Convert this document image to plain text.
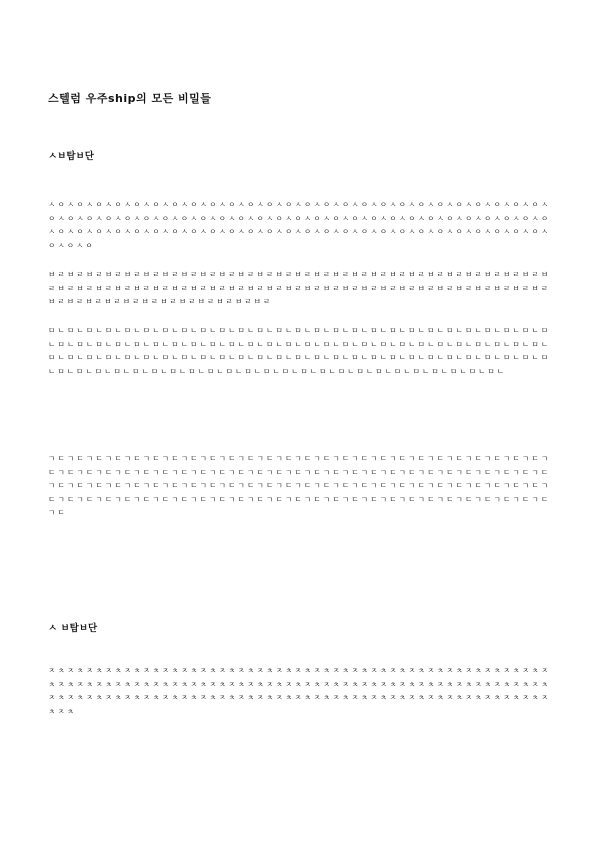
스텔럼 우주ship의 모든 비밀들
ㅅㅂ탐ㅂ단
ㅅ ㅇ ㅅ ㅇ ㅅ ㅇ ㅅ ㅇ ㅅ ㅇ ㅅ ㅇ ㅅ ㅇ ㅅ ㅇ ㅅ ㅇ ㅅ ㅇ ㅅ ㅇ ㅅ ㅇ ㅅ ㅇ ㅅ ㅇ ㅅ ㅇ ㅅ ㅇ ㅅ ㅇ ㅅ ㅇ ㅅ ㅇ ㅅ ㅇ ㅅ ㅇ ㅅ ㅇ ㅅ ㅇ ㅅ ㅇ ㅅ ㅇ ㅅ ㅇ ㅅ ㅇ ㅅ ㅇ ㅅ ㅇ ㅅ ㅇ ㅅ ㅇ ㅅ ㅇ ㅅ ㅇ ㅅ ㅇ ㅅ ㅇ ㅅ ㅇ ㅅ ㅇ ㅅ ㅇ ㅅ ㅇ ㅅ ㅇ ㅅ ㅇ ㅅ ㅇ ㅅ ㅇ ㅅ ㅇ ㅅ ㅇ ㅅ ㅇ ㅅ ㅇ ㅅ ㅇ ㅅ ㅇ ㅅ ㅇ ㅅ ㅇ ㅅ ㅇ ㅅ ㅇ ㅅ ㅇ ㅅ ㅇ ㅅ ㅇ ㅅ ㅇ ㅅ ㅇ ㅅ ㅇ ㅅ ㅇ ㅅ ㅇ ㅅ ㅇ ㅅ ㅇ ㅅ ㅇ ㅅ ㅇ ㅅ ㅇ ㅅ ㅇ ㅅ ㅇ ㅅ ㅇ ㅅ ㅇ ㅅ ㅇ ㅅ ㅇ ㅅ ㅇ ㅅ ㅇ ㅅ ㅇ ㅅ ㅇ ㅅ ㅇ ㅅ ㅇ ㅅ ㅇ ㅅ ㅇ ㅅ ㅇ ㅅ ㅇ
ㅂ ㄹ ㅂ ㄹ ㅂ ㄹ ㅂ ㄹ ㅂ ㄹ ㅂ ㄹ ㅂ ㄹ ㅂ ㄹ ㅂ ㄹ ㅂ ㄹ ㅂ ㄹ ㅂ ㄹ ㅂ ㄹ ㅂ ㄹ ㅂ ㄹ ㅂ ㄹ ㅂ ㄹ ㅂ ㄹ ㅂ ㄹ ㅂ ㄹ ㅂ ㄹ ㅂ ㄹ ㅂ ㄹ ㅂ ㄹ ㅂ ㄹ ㅂ ㄹ ㅂ ㄹ ㅂ ㄹ ㅂ ㄹ ㅂ ㄹ ㅂ ㄹ ㅂ ㄹ ㅂ ㄹ ㅂ ㄹ ㅂ ㄹ ㅂ ㄹ ㅂ ㄹ ㅂ ㄹ ㅂ ㄹ ㅂ ㄹ ㅂ ㄹ ㅂ ㄹ ㅂ ㄹ ㅂ ㄹ ㅂ ㄹ ㅂ ㄹ ㅂ ㄹ ㅂ ㄹ ㅂ ㄹ ㅂ ㄹ ㅂ ㄹ ㅂ ㄹ ㅂ ㄹ ㅂ ㄹ ㅂ ㄹ ㅂ ㄹ ㅂ ㄹ ㅂ ㄹ ㅂ ㄹ ㅂ ㄹ ㅂ ㄹ ㅂ ㄹ ㅂ ㄹ ㅂ ㄹ ㅂ ㄹ
ㅁ ㄴ ㅁ ㄴ ㅁ ㄴ ㅁ ㄴ ㅁ ㄴ ㅁ ㄴ ㅁ ㄴ ㅁ ㄴ ㅁ ㄴ ㅁ ㄴ ㅁ ㄴ ㅁ ㄴ ㅁ ㄴ ㅁ ㄴ ㅁ ㄴ ㅁ ㄴ ㅁ ㄴ ㅁ ㄴ ㅁ ㄴ ㅁ ㄴ ㅁ ㄴ ㅁ ㄴ ㅁ ㄴ ㅁ ㄴ ㅁ ㄴ ㅁ ㄴ ㅁ ㄴ ㅁ ㄴ ㅁ ㄴ ㅁ ㄴ ㅁ ㄴ ㅁ ㄴ ㅁ ㄴ ㅁ ㄴ ㅁ ㄴ ㅁ ㄴ ㅁ ㄴ ㅁ ㄴ ㅁ ㄴ ㅁ ㄴ ㅁ ㄴ ㅁ ㄴ ㅁ ㄴ ㅁ ㄴ ㅁ ㄴ ㅁ ㄴ ㅁ ㄴ ㅁ ㄴ ㅁ ㄴ ㅁ ㄴ ㅁ ㄴ ㅁ ㄴ ㅁ ㄴ ㅁ ㄴ ㅁ ㄴ ㅁ ㄴ ㅁ ㄴ ㅁ ㄴ ㅁ ㄴ ㅁ ㄴ ㅁ ㄴ ㅁ ㄴ ㅁ ㄴ ㅁ ㄴ ㅁ ㄴ ㅁ ㄴ ㅁ ㄴ ㅁ ㄴ ㅁ ㄴ ㅁ ㄴ ㅁ ㄴ ㅁ ㄴ ㅁ ㄴ ㅁ ㄴ ㅁ ㄴ ㅁ ㄴ ㅁ ㄴ ㅁ ㄴ ㅁ ㄴ ㅁ ㄴ ㅁ ㄴ ㅁ ㄴ ㅁ ㄴ ㅁ ㄴ ㅁ ㄴ ㅁ ㄴ ㅁ ㄴ ㅁ ㄴ ㅁ ㄴ ㅁ ㄴ ㅁ ㄴ ㅁ ㄴ ㅁ ㄴ ㅁ ㄴ ㅁ ㄴ ㅁ ㄴ ㅁ ㄴ ㅁ ㄴ ㅁ ㄴ ㅁ ㄴ ㅁ ㄴ ㅁ ㄴ ㅁ ㄴ ㅁ ㄴ
ㄱ ㄷ ㄱ ㄷ ㄱ ㄷ ㄱ ㄷ ㄱ ㄷ ㄱ ㄷ ㄱ ㄷ ㄱ ㄷ ㄱ ㄷ ㄱ ㄷ ㄱ ㄷ ㄱ ㄷ ㄱ ㄷ ㄱ ㄷ ㄱ ㄷ ㄱ ㄷ ㄱ ㄷ ㄱ ㄷ ㄱ ㄷ ㄱ ㄷ ㄱ ㄷ ㄱ ㄷ ㄱ ㄷ ㄱ ㄷ ㄱ ㄷ ㄱ ㄷ ㄱ ㄷ ㄱ ㄷ ㄱ ㄷ ㄱ ㄷ ㄱ ㄷ ㄱ ㄷ ㄱ ㄷ ㄱ ㄷ ㄱ ㄷ ㄱ ㄷ ㄱ ㄷ ㄱ ㄷ ㄱ ㄷ ㄱ ㄷ ㄱ ㄷ ㄱ ㄷ ㄱ ㄷ ㄱ ㄷ ㄱ ㄷ ㄱ ㄷ ㄱ ㄷ ㄱ ㄷ ㄱ ㄷ ㄱ ㄷ ㄱ ㄷ ㄱ ㄷ ㄱ ㄷ ㄱ ㄷ ㄱ ㄷ ㄱ ㄷ ㄱ ㄷ ㄱ ㄷ ㄱ ㄷ ㄱ ㄷ ㄱ ㄷ ㄱ ㄷ ㄱ ㄷ ㄱ ㄷ ㄱ ㄷ ㄱ ㄷ ㄱ ㄷ ㄱ ㄷ ㄱ ㄷ ㄱ ㄷ ㄱ ㄷ ㄱ ㄷ ㄱ ㄷ ㄱ ㄷ ㄱ ㄷ ㄱ ㄷ ㄱ ㄷ ㄱ ㄷ ㄱ ㄷ ㄱ ㄷ ㄱ ㄷ ㄱ ㄷ ㄱ ㄷ ㄱ ㄷ ㄱ ㄷ ㄱ ㄷ ㄱ ㄷ ㄱ ㄷ ㄱ ㄷ ㄱ ㄷ ㄱ ㄷ ㄱ ㄷ ㄱ ㄷ ㄱ ㄷ ㄱ ㄷ ㄱ ㄷ ㄱ ㄷ ㄱ ㄷ ㄱ ㄷ ㄱ ㄷ ㄱ ㄷ ㄱ ㄷ ㄱ ㄷ ㄱ ㄷ ㄱ ㄷ ㄱ ㄷ ㄱ ㄷ
ㅅ ㅂ탐ㅂ단
ㅈ ㅊ ㅈ ㅊ ㅈ ㅊ ㅈ ㅊ ㅈ ㅊ ㅈ ㅊ ㅈ ㅊ ㅈ ㅊ ㅈ ㅊ ㅈ ㅊ ㅈ ㅊ ㅈ ㅊ ㅈ ㅊ ㅈ ㅊ ㅈ ㅊ ㅈ ㅊ ㅈ ㅊ ㅈ ㅊ ㅈ ㅊ ㅈ ㅊ ㅈ ㅊ ㅈ ㅊ ㅈ ㅊ ㅈ ㅊ ㅈ ㅊ ㅈ ㅊ ㅈ ㅊ ㅈ ㅊ ㅈ ㅊ ㅈ ㅊ ㅈ ㅊ ㅈ ㅊ ㅈ ㅊ ㅈ ㅊ ㅈ ㅊ ㅈ ㅊ ㅈ ㅊ ㅈ ㅊ ㅈ ㅊ ㅈ ㅊ ㅈ ㅊ ㅈ ㅊ ㅈ ㅊ ㅈ ㅊ ㅈ ㅊ ㅈ ㅊ ㅈ ㅊ ㅈ ㅊ ㅈ ㅊ ㅈ ㅊ ㅈ ㅊ ㅈ ㅊ ㅈ ㅊ ㅈ ㅊ ㅈ ㅊ ㅈ ㅊ ㅈ ㅊ ㅈ ㅊ ㅈ ㅊ ㅈ ㅊ ㅈ ㅊ ㅈ ㅊ ㅈ ㅊ ㅈ ㅊ ㅈ ㅊ ㅈ ㅊ ㅈ ㅊ ㅈ ㅊ ㅈ ㅊ ㅈ ㅊ ㅈ ㅊ ㅈ ㅊ ㅈ ㅊ ㅈ ㅊ ㅈ ㅊ ㅈ ㅊ ㅈ ㅊ ㅈ ㅊ ㅈ ㅊ ㅈ ㅊ ㅈ ㅊ
